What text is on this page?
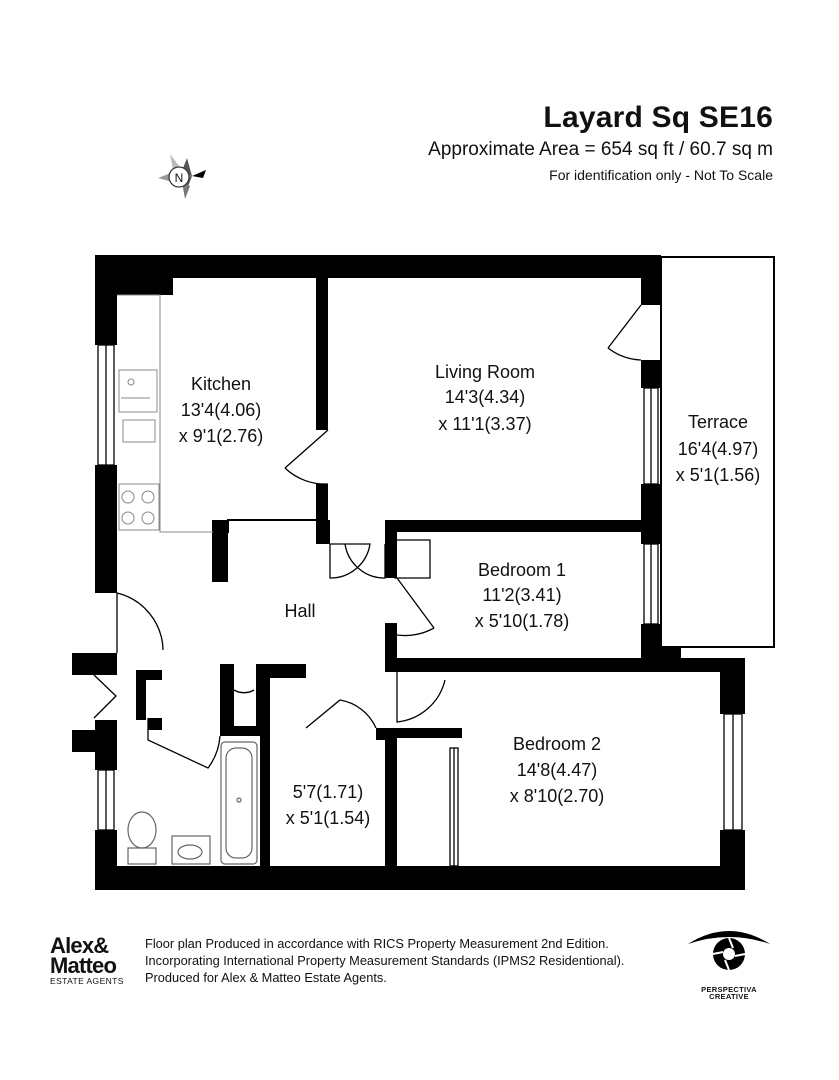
Layard Sq SE16
Approximate Area = 654 sq ft / 60.7 sq m
For identification only - Not To Scale
N
Kitchen
13'4(4.06)
x 9'1(2.76)
Living Room
14'3(4.34)
x 11'1(3.37)	Terrace
16'4(4.97)
x 5'1(1.56)
Bedroom 1
11'2(3.41)
x 5'10(1.78)
Hall
Bedroom 2
14'8(4.47)
x 8'10(2.70)
5'7(1.71)
x 5'1(1.54)
Alex&
Matteo
ESTATE AGENTS
Floor plan Produced in accordance with RICS Property Measurement 2nd Edition.
Incorporating International Property Measurement Standards (IPMS2 Residentional).
Produced for Alex & Matteo Estate Agents.
PERSPECTIVA
CREATIVE
